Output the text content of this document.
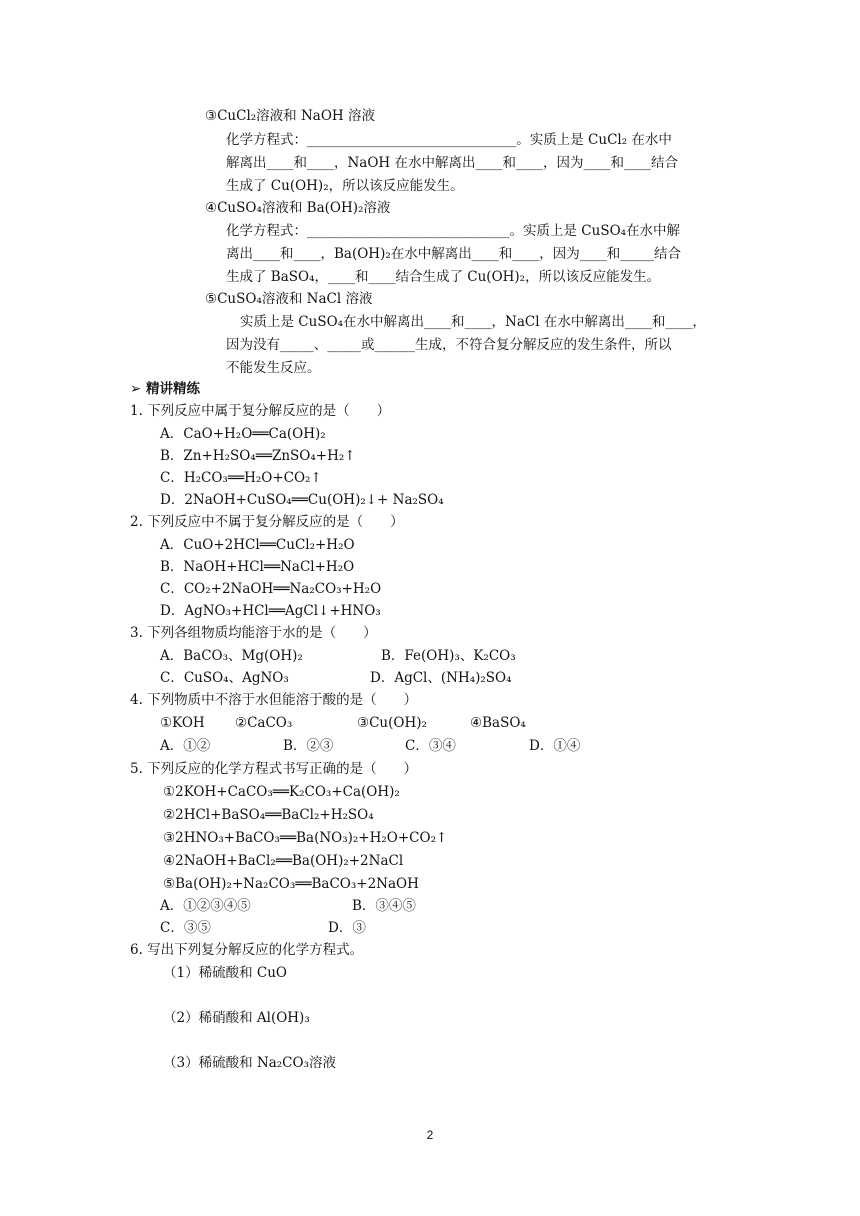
③CuCl₂溶液和 NaOH 溶液
化学方程式：_______________________________。实质上是 CuCl₂ 在水中
解离出____和____，NaOH 在水中解离出____和____，因为____和____结合
生成了 Cu(OH)₂，所以该反应能发生。
④CuSO₄溶液和 Ba(OH)₂溶液
化学方程式：______________________________。实质上是 CuSO₄在水中解
离出____和____，Ba(OH)₂在水中解离出____和____，因为____和_____结合
生成了 BaSO₄，____和____结合生成了 Cu(OH)₂，所以该反应能发生。
⑤CuSO₄溶液和 NaCl 溶液
实质上是 CuSO₄在水中解离出____和____，NaCl 在水中解离出____和____，
因为没有_____、_____或______生成，不符合复分解反应的发生条件，所以
不能发生反应。
➢ 精讲精练
1. 下列反应中属于复分解反应的是（　　）
A．CaO+H₂O══Ca(OH)₂
B．Zn+H₂SO₄══ZnSO₄+H₂↑
C．H₂CO₃══H₂O+CO₂↑
D．2NaOH+CuSO₄══Cu(OH)₂↓+ Na₂SO₄
2. 下列反应中不属于复分解反应的是（　　）
A．CuO+2HCl══CuCl₂+H₂O
B．NaOH+HCl══NaCl+H₂O
C．CO₂+2NaOH══Na₂CO₃+H₂O
D．AgNO₃+HCl══AgCl↓+HNO₃
3. 下列各组物质均能溶于水的是（　　）
A．BaCO₃、Mg(OH)₂	B．Fe(OH)₃、K₂CO₃
C．CuSO₄、AgNO₃	D．AgCl、(NH₄)₂SO₄
4. 下列物质中不溶于水但能溶于酸的是（　　）
①KOH ②CaCO₃	③Cu(OH)₂	④BaSO₄
A．①②	B．②③	C．③④	D．①④
5. 下列反应的化学方程式书写正确的是（　　）
①2KOH+CaCO₃══K₂CO₃+Ca(OH)₂
②2HCl+BaSO₄══BaCl₂+H₂SO₄
③2HNO₃+BaCO₃══Ba(NO₃)₂+H₂O+CO₂↑
④2NaOH+BaCl₂══Ba(OH)₂+2NaCl
⑤Ba(OH)₂+Na₂CO₃══BaCO₃+2NaOH
A．①②③④⑤	B．③④⑤
C．③⑤	D．③
6. 写出下列复分解反应的化学方程式。
（1）稀硫酸和 CuO
（2）稀硝酸和 Al(OH)₃
（3）稀硫酸和 Na₂CO₃溶液
2
